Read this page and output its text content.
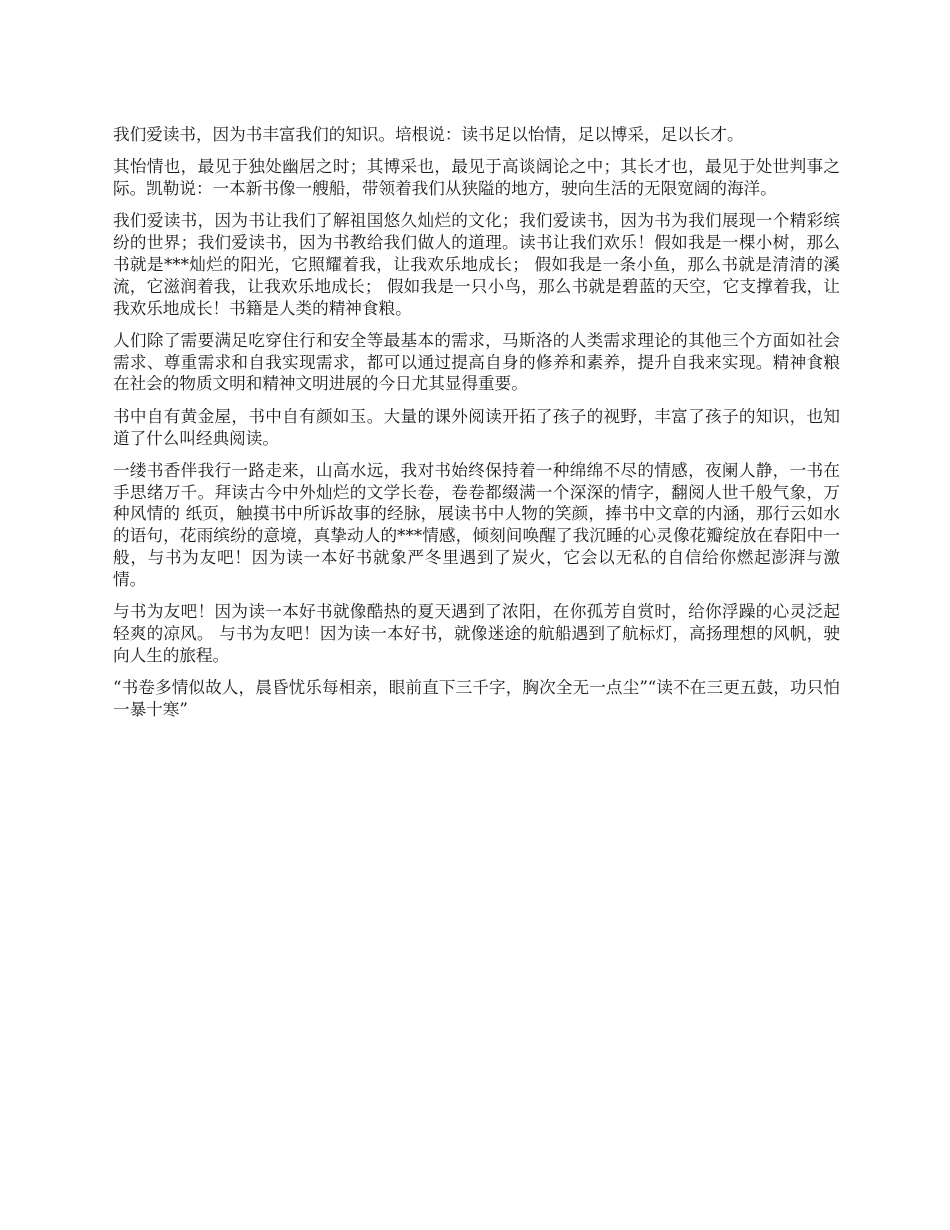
我们爱读书，因为书丰富我们的知识。培根说：读书足以怡情，足以博采，足以长才。

其怡情也，最见于独处幽居之时；其博采也，最见于高谈阔论之中；其长才也，最见于处世判事之际。凯勒说：一本新书像一艘船，带领着我们从狭隘的地方，驶向生活的无限宽阔的海洋。

我们爱读书，因为书让我们了解祖国悠久灿烂的文化；我们爱读书，因为书为我们展现一个精彩缤纷的世界；我们爱读书，因为书教给我们做人的道理。读书让我们欢乐！假如我是一棵小树，那么书就是***灿烂的阳光，它照耀着我，让我欢乐地成长； 假如我是一条小鱼，那么书就是清清的溪流，它滋润着我，让我欢乐地成长； 假如我是一只小鸟，那么书就是碧蓝的天空，它支撑着我，让我欢乐地成长！书籍是人类的精神食粮。

人们除了需要满足吃穿住行和安全等最基本的需求，马斯洛的人类需求理论的其他三个方面如社会需求、尊重需求和自我实现需求，都可以通过提高自身的修养和素养，提升自我来实现。精神食粮在社会的物质文明和精神文明进展的今日尤其显得重要。

书中自有黄金屋，书中自有颜如玉。大量的课外阅读开拓了孩子的视野，丰富了孩子的知识，也知道了什么叫经典阅读。

一缕书香伴我行一路走来，山高水远，我对书始终保持着一种绵绵不尽的情感，夜阑人静，一书在手思绪万千。拜读古今中外灿烂的文学长卷，卷卷都缀满一个深深的情字，翻阅人世千般气象，万种风情的 纸页，触摸书中所诉故事的经脉，展读书中人物的笑颜，捧书中文章的内涵，那行云如水的语句，花雨缤纷的意境，真挚动人的***情感，倾刻间唤醒了我沉睡的心灵像花瓣绽放在春阳中一般，与书为友吧！因为读一本好书就象严冬里遇到了炭火，它会以无私的自信给你燃起澎湃与激情。

与书为友吧！因为读一本好书就像酷热的夏天遇到了浓阳，在你孤芳自赏时，给你浮躁的心灵泛起轻爽的凉风。 与书为友吧！因为读一本好书，就像迷途的航船遇到了航标灯，高扬理想的风帆，驶向人生的旅程。

“书卷多情似故人，晨昏忧乐每相亲，眼前直下三千字，胸次全无一点尘”“读不在三更五鼓，功只怕一暴十寒”
